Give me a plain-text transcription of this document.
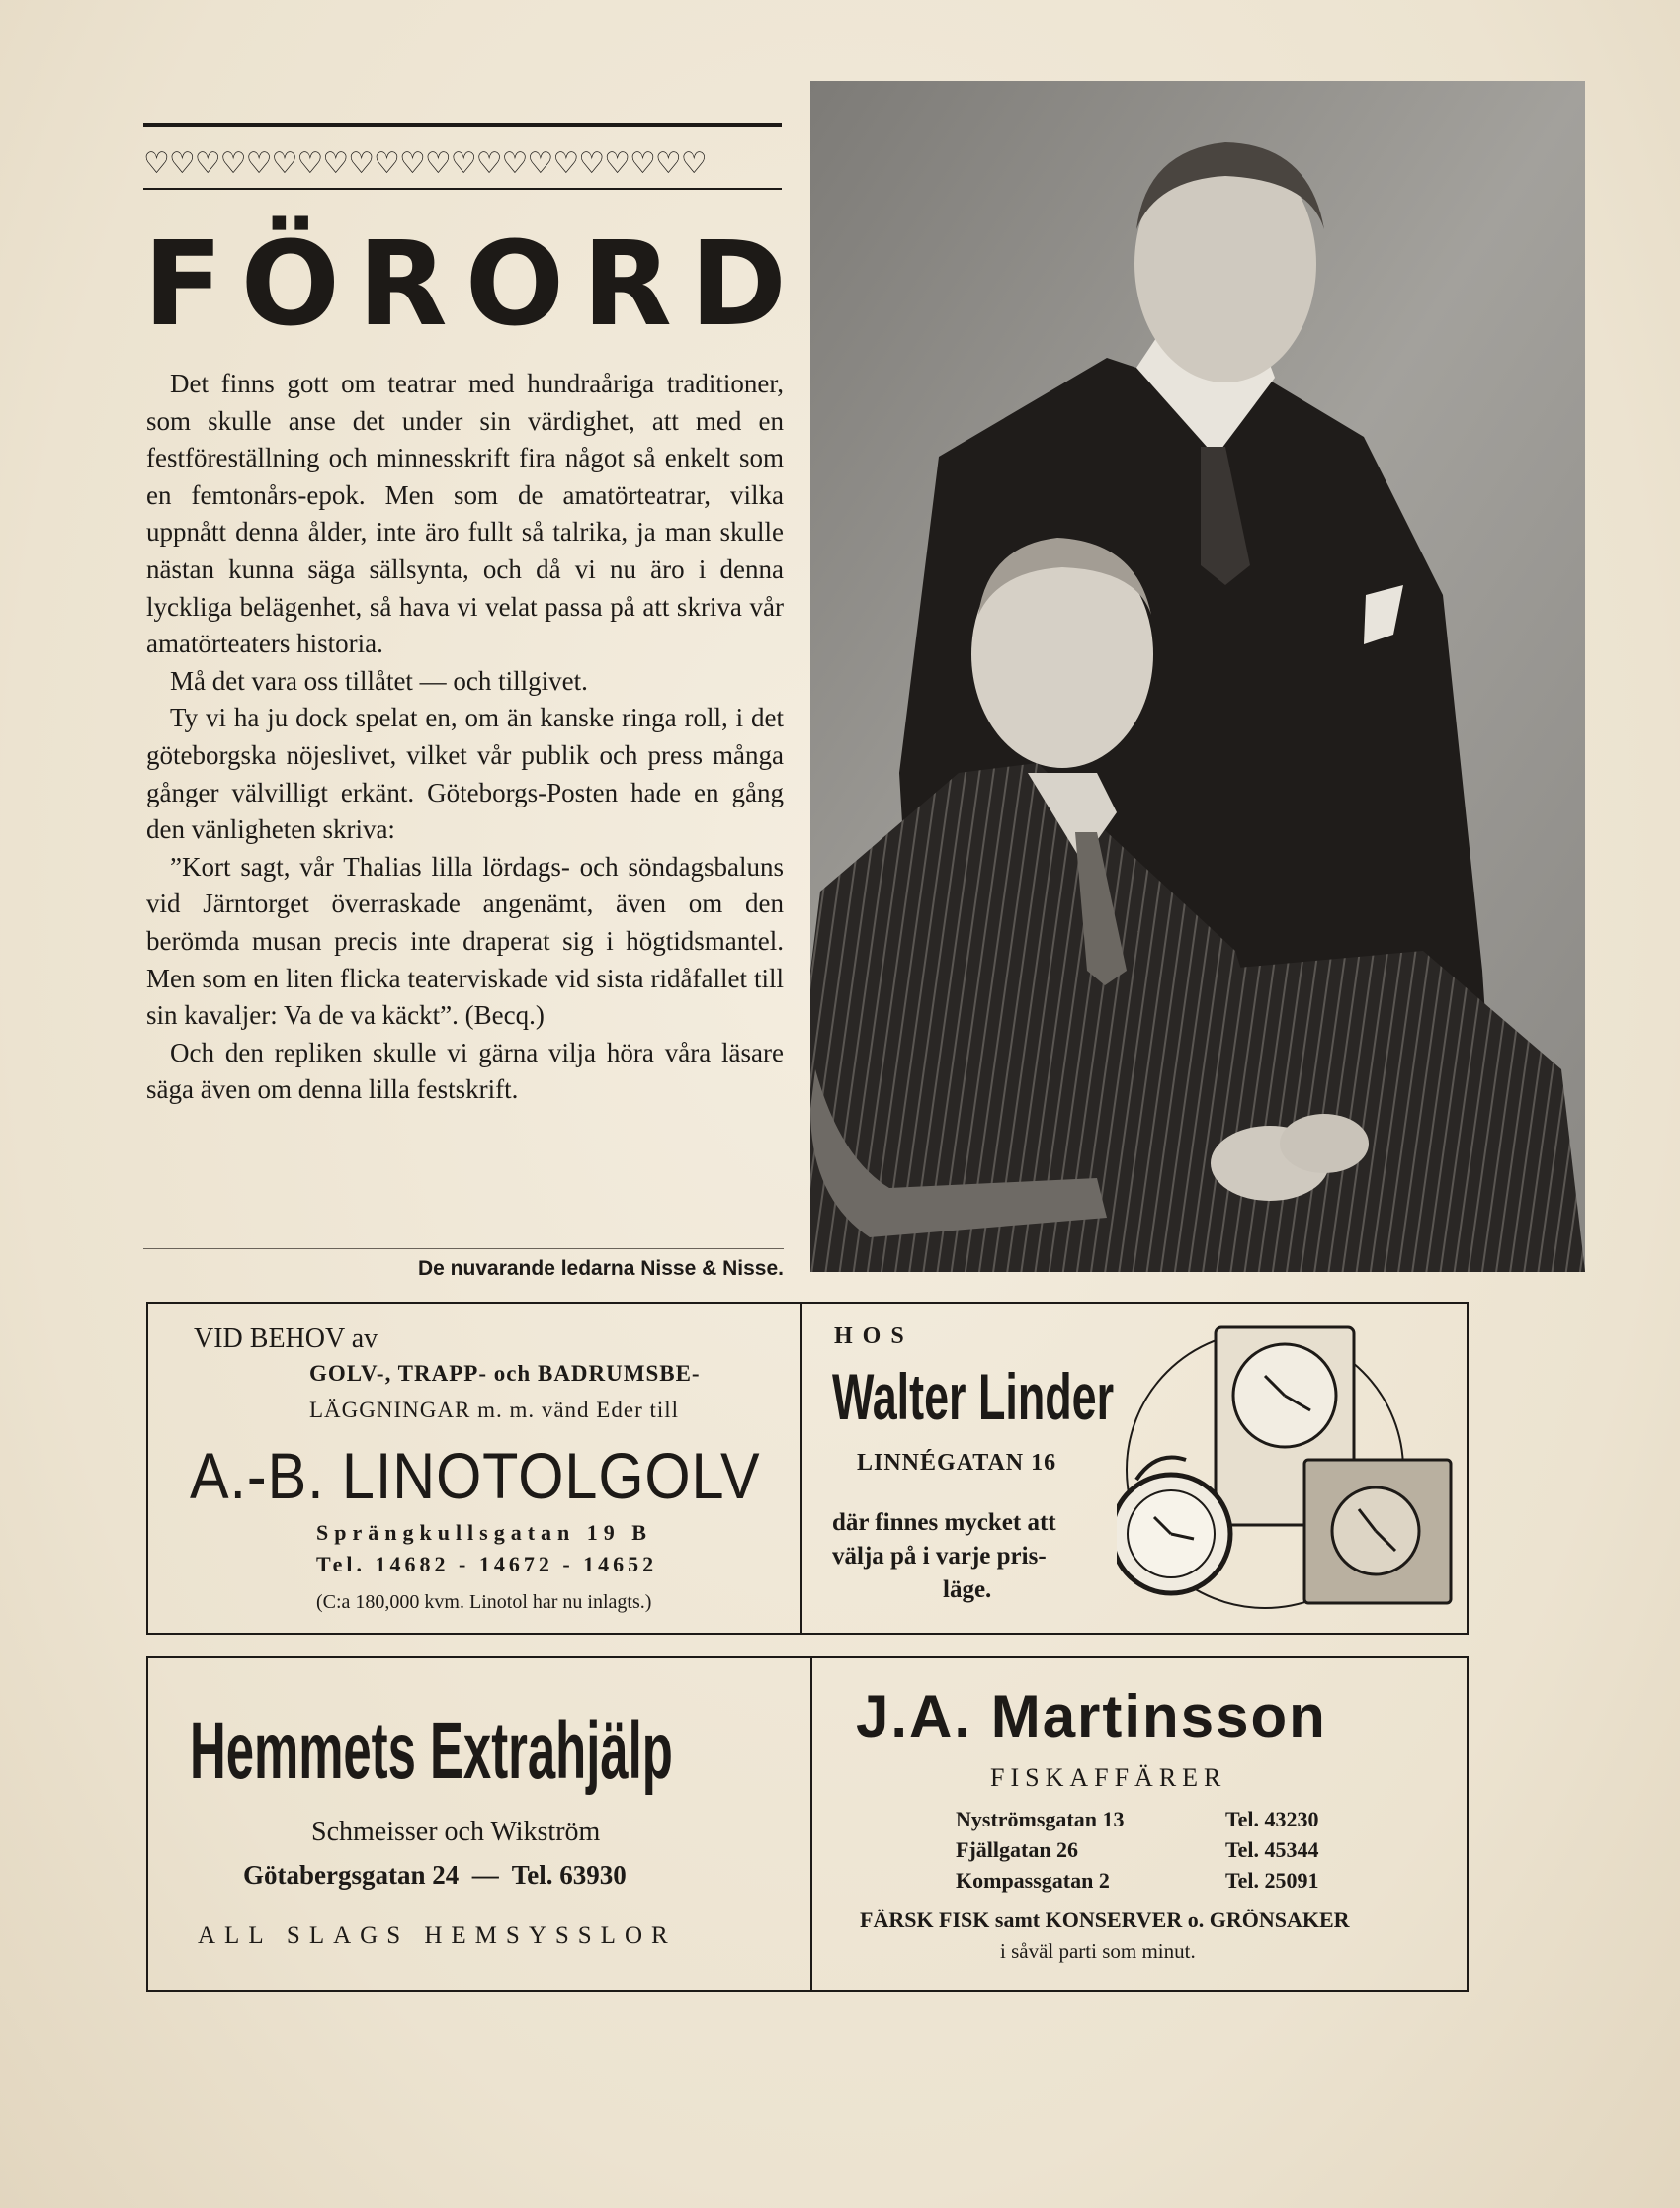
♡♡♡♡♡♡♡♡♡♡♡♡♡♡♡♡♡♡♡♡♡♡
FÖRORD

Det finns gott om teatrar med hundraåriga traditioner, som skulle anse det under sin värdighet, att med en festföreställning och minnesskrift fira något så enkelt som en femtonårs-epok. Men som de amatörteatrar, vilka uppnått denna ålder, inte äro fullt så talrika, ja man skulle nästan kunna säga sällsynta, och då vi nu äro i denna lyckliga belägenhet, så hava vi velat passa på att skriva vår amatörteaters historia.

Må det vara oss tillåtet — och tillgivet.

Ty vi ha ju dock spelat en, om än kanske ringa roll, i det göteborgska nöjeslivet, vilket vår publik och press många gånger välvilligt erkänt. Göteborgs-Posten hade en gång den vänligheten skriva:

”Kort sagt, vår Thalias lilla lördags- och söndagsbaluns vid Järntorget överraskade angenämt, även om den berömda musan precis inte draperat sig i högtidsmantel. Men som en liten flicka teaterviskade vid sista ridåfallet till sin kavaljer: Va de va käckt”. (Becq.)

Och den repliken skulle vi gärna vilja höra våra läsare säga även om denna lilla festskrift.

De nuvarande ledarna Nisse & Nisse.
VID BEHOV av
GOLV-, TRAPP- och BADRUMSBE-
LÄGGNINGAR m. m. vänd Eder till
A.-B. LINOTOLGOLV
Sprängkullsgatan 19 B
Tel. 14682 - 14672 - 14652
(C:a 180,000 kvm. Linotol har nu inlagts.)
HOS
Walter Linder
LINNÉGATAN 16
där finnes mycket att
välja på i varje pris-
läge.
Hemmets Extrahjälp
Schmeisser och Wikström
Götabergsgatan 24  —  Tel. 63930
ALL SLAGS HEMSYSSLOR
J.A. Martinsson
FISKAFFÄRER
Nyströmsgatan 13	Tel. 43230
Fjällgatan 26	Tel. 45344
Kompassgatan 2	Tel. 25091
FÄRSK FISK samt KONSERVER o. GRÖNSAKER
i såväl parti som minut.
